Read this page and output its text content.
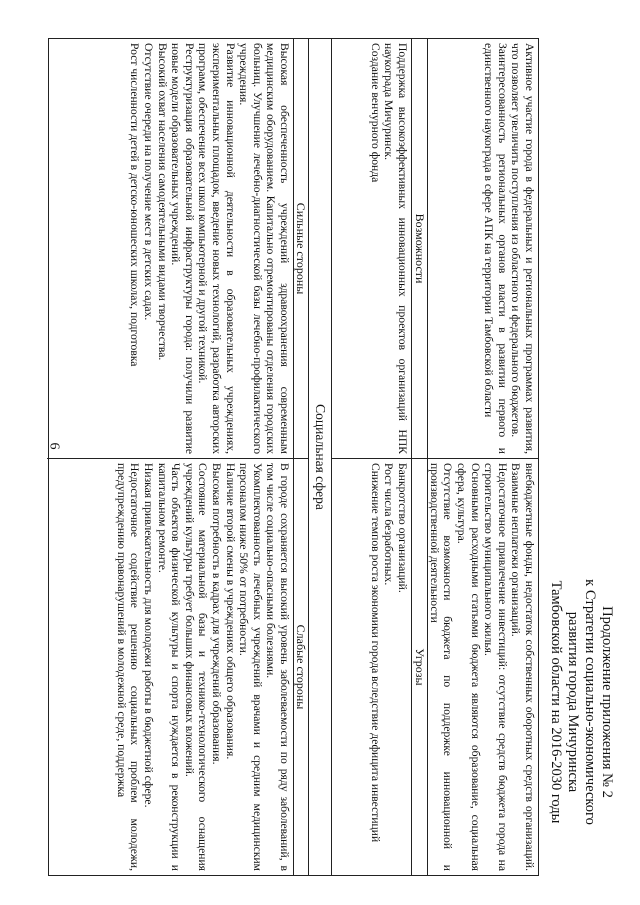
6
Продолжение приложения № 2
к Стратегии социально-экономического
развития города Мичуринска
Тамбовской области на 2016-2030 годы

Активное участие города в федеральных и региональных программах развития, что позволяет увеличить поступления из областного и федерального бюджетов.

Заинтересованность региональных органов власти в развитии первого и единственного наукограда в сфере АПК на территории Тамбовской области

внебюджетные фонды, недостаток собственных оборотных средств организаций. Взаимные неплатежи организаций.

Недостаточное привлечение инвестиций: отсутствие средств бюджета города на строительство муниципального жилья.

Основными расходными статьями бюджета являются образование, социальная сфера, культура.

Отсутствие возможности бюджета по поддержке инновационной и производственной деятельности

Возможности
Угрозы

Поддержка высокоэффективных инновационных проектов организаций НПК наукограда Мичуринск.

Создание венчурного фонда

Банкротство организаций.

Рост числа безработных.

Снижение темпов роста экономики города вследствие дефицита инвестиций

Социальная сфера
Сильные стороны
Слабые стороны

Высокая обеспеченность учреждений здравоохранения современным медицинским оборудованием. Капитально отремонтированы отделения городских больниц. Улучшение лечебно-диагностической базы лечебно-профилактического учреждения.

Развитие инновационной деятельности в образовательных учреждениях, экспериментальных площадок, введение новых технологий, разработка авторских программ, обеспечение всех школ компьютерной и другой техникой.

Реструктуризация образовательной инфраструктуры города: получили развитие новые модели образовательных учреждений.

Высокий охват населения самодеятельными видами творчества.

Отсутствие очереди на получение мест в детских садах.

Рост численности детей в детско-юношеских школах, подготовка

В городе сохраняется высокий уровень заболеваемости по ряду заболеваний, в том числе социально-опасными болезнями.

Укомплектованность лечебных учреждений врачами и средним медицинским персоналом ниже 50% от потребности.

Наличие второй смены в учреждениях общего образования.

Высокая потребность в кадрах для учреждений образования.

Состояние материальной базы и технико-технологического оснащения учреждений культуры требует больших финансовых вложений.

Часть объектов физической культуры и спорта нуждается в реконструкции и капитальном ремонте.

Низкая привлекательность для молодежи работы в бюджетной сфере.

Недостаточное содействие решению социальных проблем молодежи, предупреждению правонарушений в молодежной среде, поддержка
